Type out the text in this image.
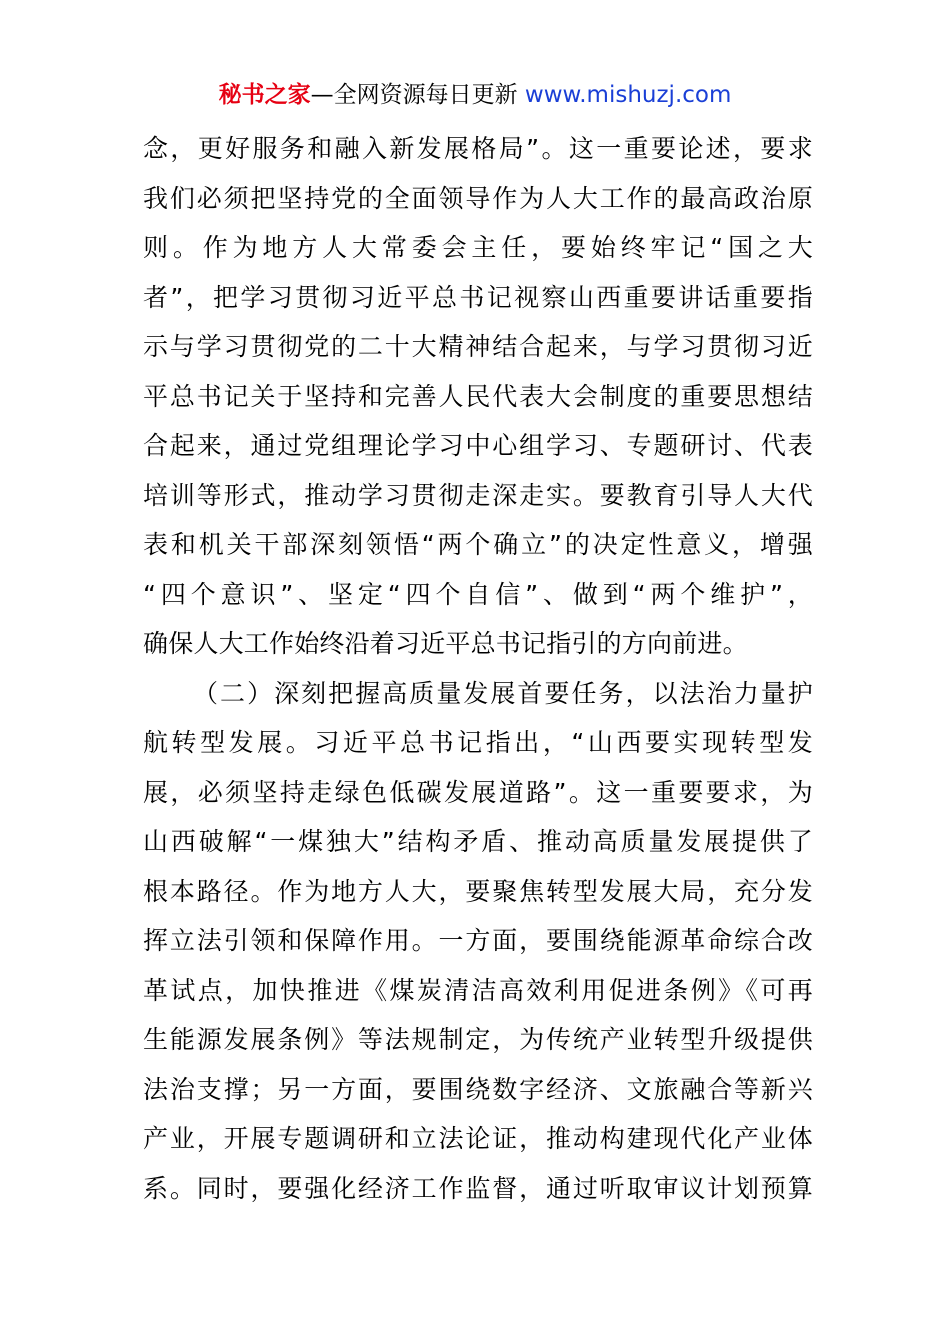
秘书之家—全网资源每日更新 www.mishuzj.com
念，更好服务和融入新发展格局”。这一重要论述，要求
我们必须把坚持党的全面领导作为人大工作的最高政治原
则。作为地方人大常委会主任，要始终牢记“国之大
者”，把学习贯彻习近平总书记视察山西重要讲话重要指
示与学习贯彻党的二十大精神结合起来，与学习贯彻习近
平总书记关于坚持和完善人民代表大会制度的重要思想结
合起来，通过党组理论学习中心组学习、专题研讨、代表
培训等形式，推动学习贯彻走深走实。要教育引导人大代
表和机关干部深刻领悟“两个确立”的决定性意义，增强
“四个意识”、坚定“四个自信”、做到“两个维护”，
确保人大工作始终沿着习近平总书记指引的方向前进。
（二）深刻把握高质量发展首要任务，以法治力量护
航转型发展。习近平总书记指出，“山西要实现转型发
展，必须坚持走绿色低碳发展道路”。这一重要要求，为
山西破解“一煤独大”结构矛盾、推动高质量发展提供了
根本路径。作为地方人大，要聚焦转型发展大局，充分发
挥立法引领和保障作用。一方面，要围绕能源革命综合改
革试点，加快推进《煤炭清洁高效利用促进条例》《可再
生能源发展条例》等法规制定，为传统产业转型升级提供
法治支撑；另一方面，要围绕数字经济、文旅融合等新兴
产业，开展专题调研和立法论证，推动构建现代化产业体
系。同时，要强化经济工作监督，通过听取审议计划预算
